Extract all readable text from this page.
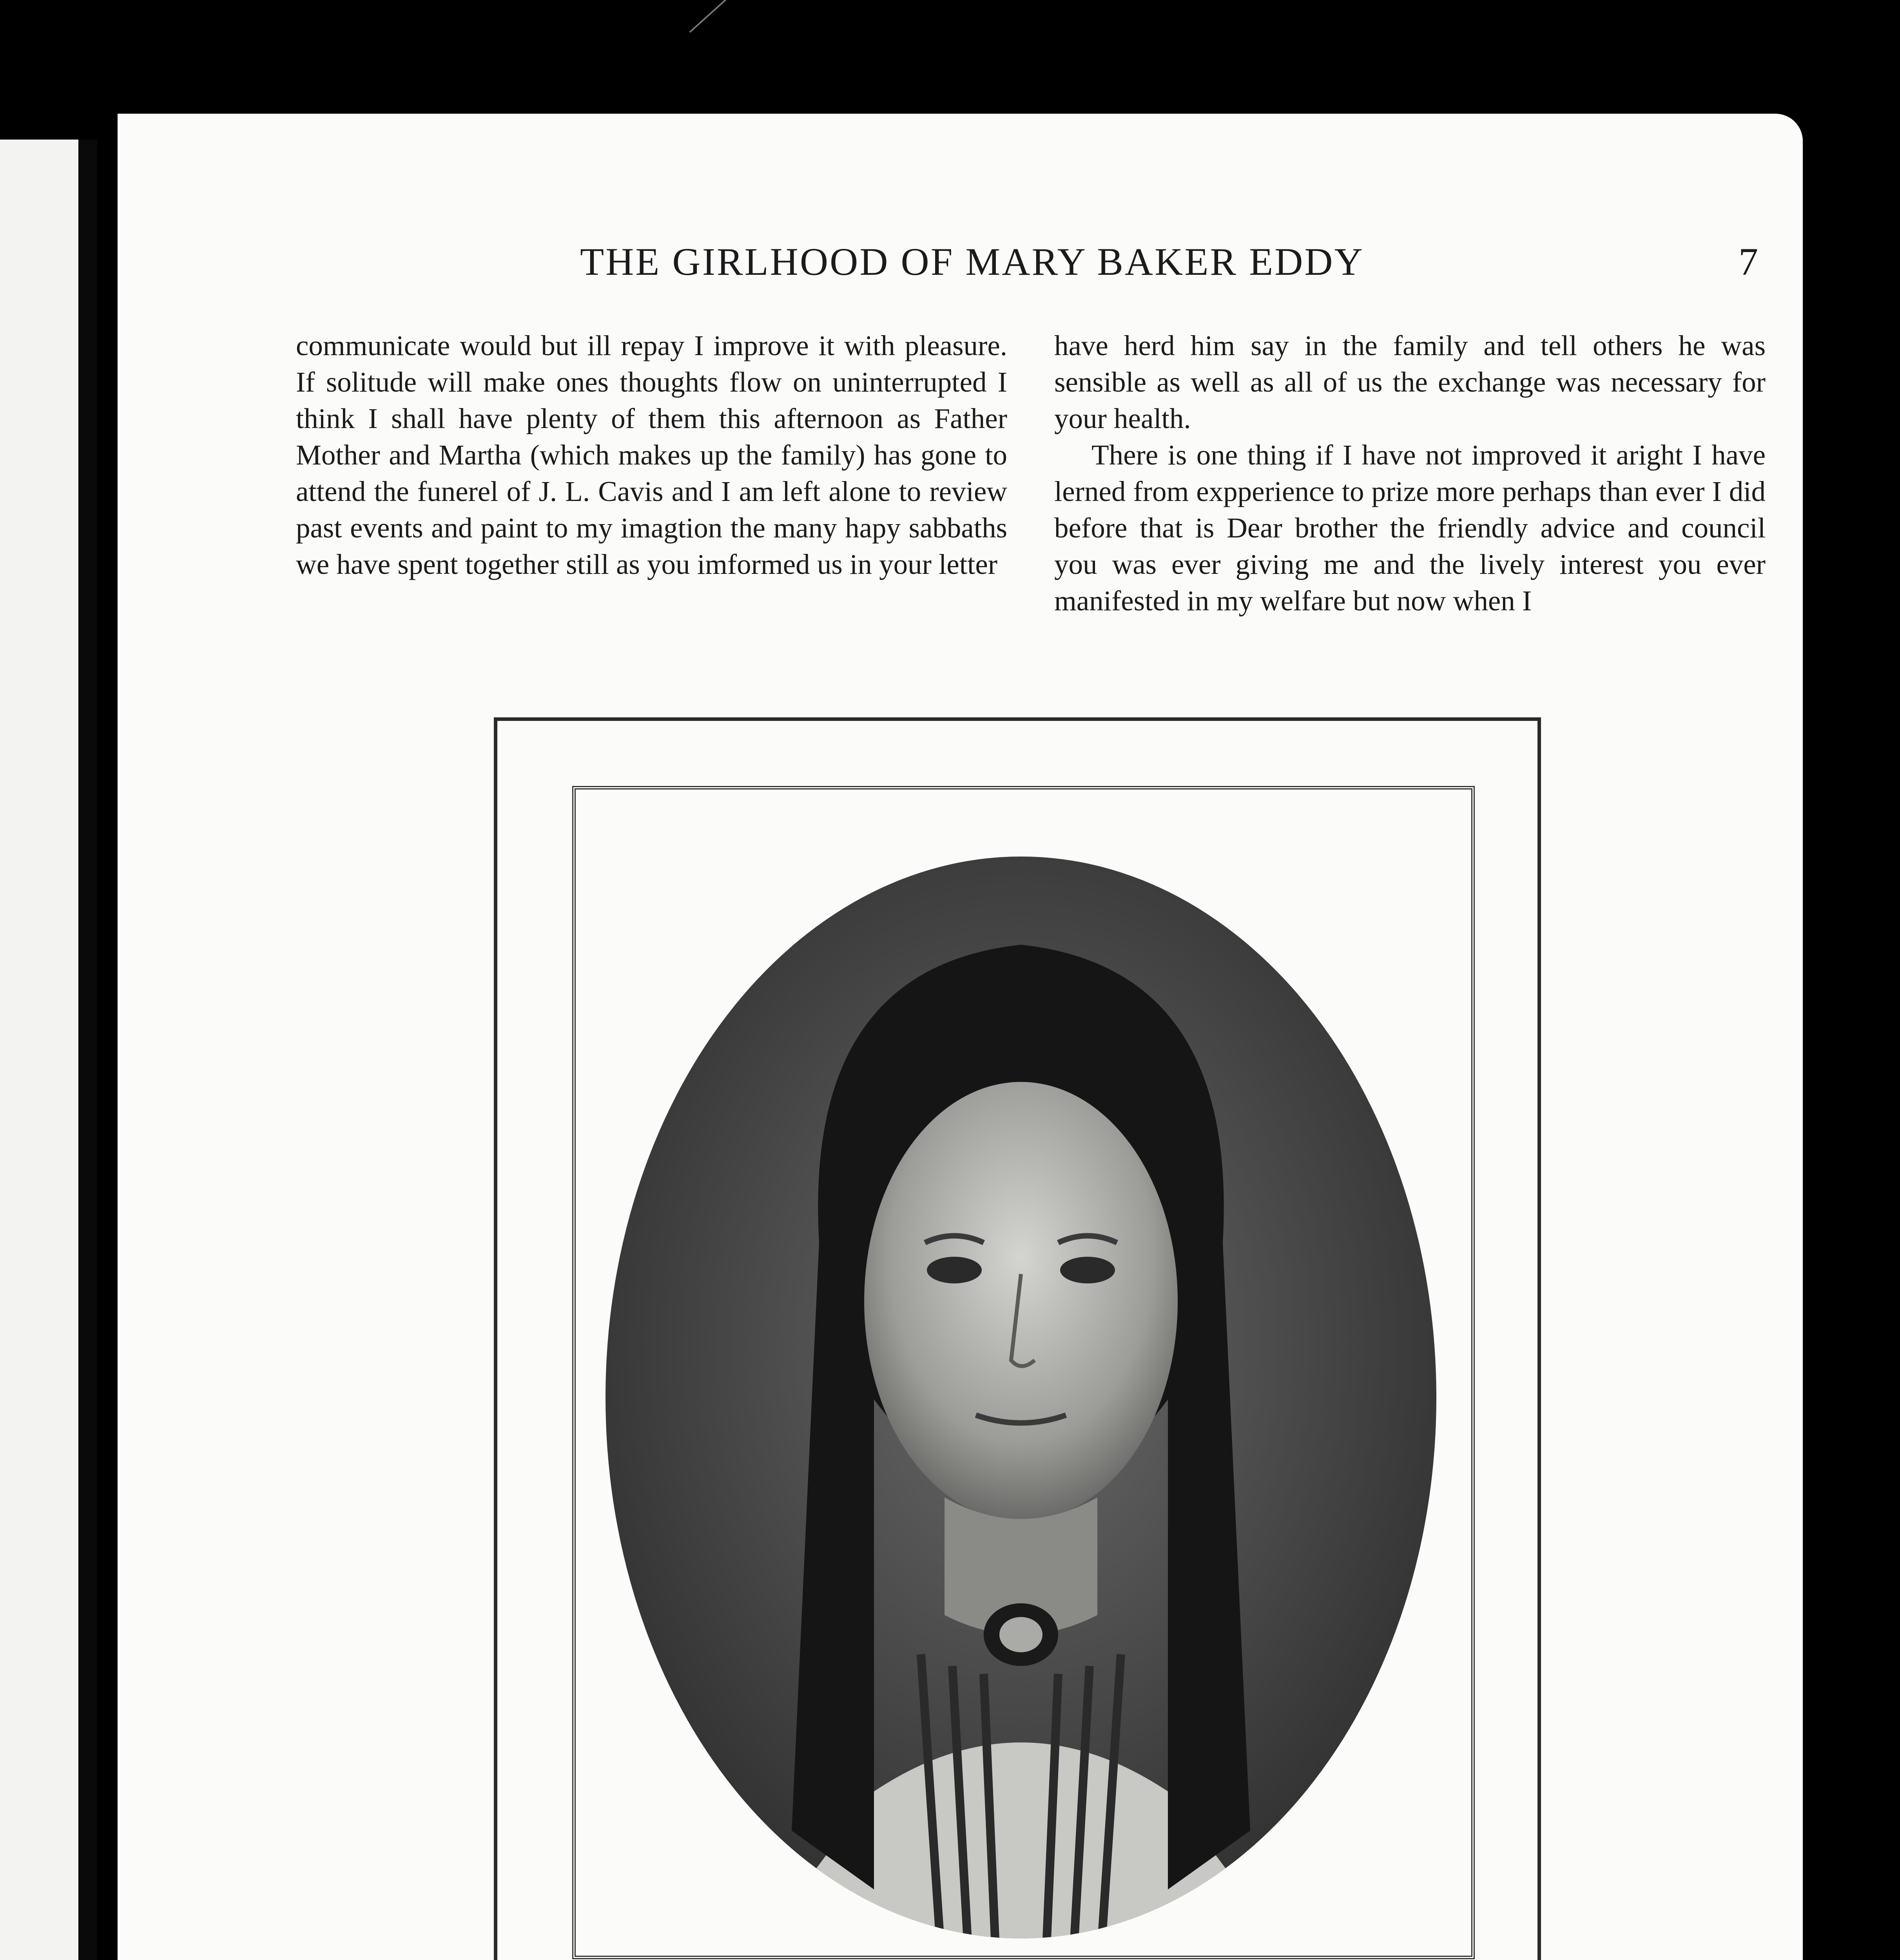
THE GIRLHOOD OF MARY BAKER EDDY	7

communicate would but ill repay I improve it with pleasure. If solitude will make ones thoughts flow on uninterrupted I think I shall have plenty of them this afternoon as Father Mother and Martha (which makes up the family) has gone to attend the funerel of J. L. Cavis and I am left alone to review past events and paint to my imagtion the many hapy sabbaths we have spent together still as you imformed us in your letter

have herd him say in the family and tell others he was sensible as well as all of us the exchange was necessary for your health.

There is one thing if I have not improved it aright I have lerned from expperience to prize more perhaps than ever I did before that is Dear brother the friendly advice and council you was ever giving me and the lively interest you ever manifested in my welfare but now when I
